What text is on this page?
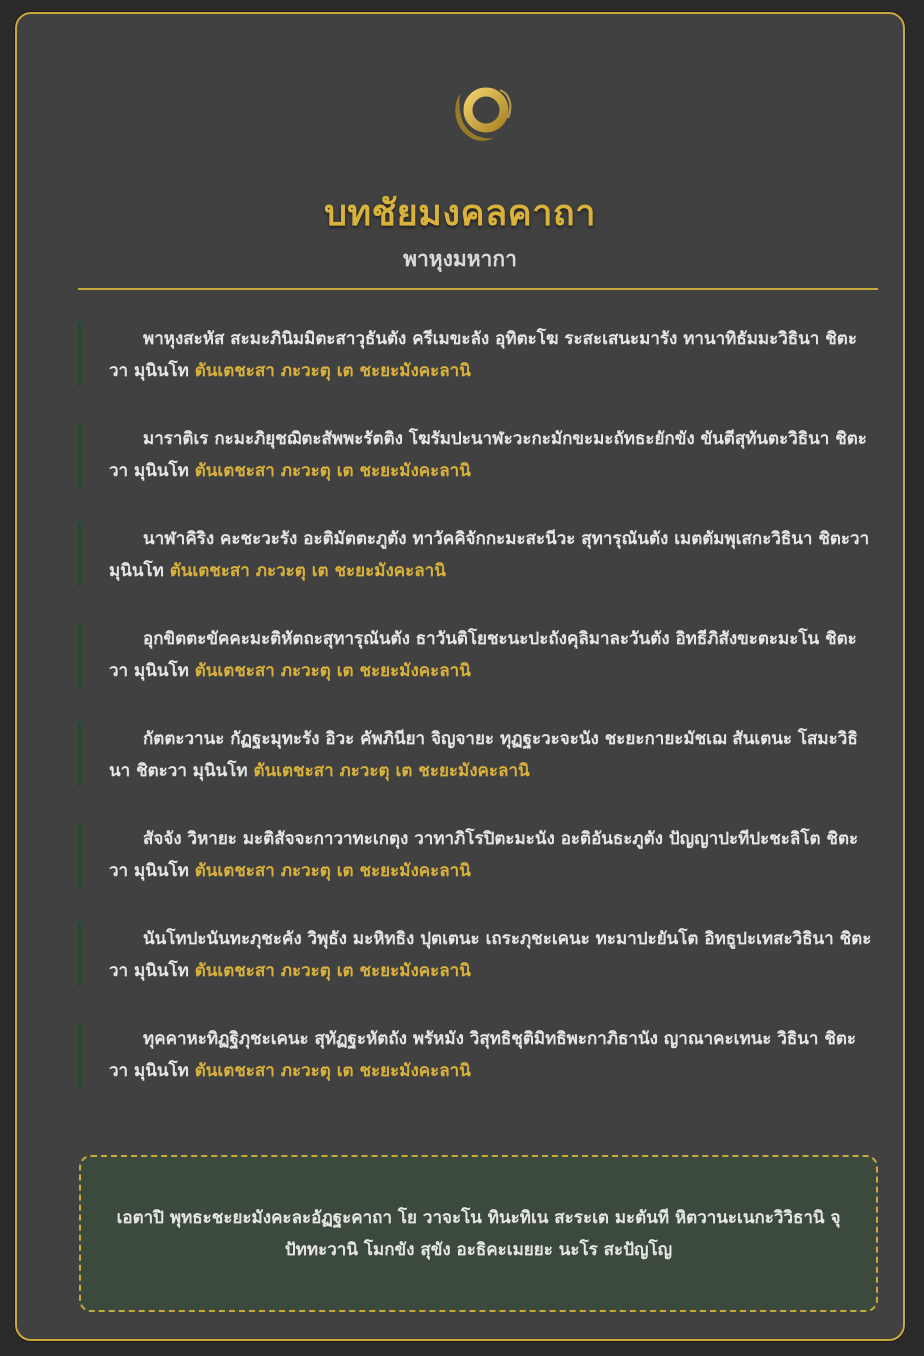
บทชัยมงคลคาถา
พาหุงมหากา

พาหุงสะหัส สะมะภินิมมิตะสาวุธันตัง ครีเมขะลัง อุทิตะโฆ ระสะเสนะมารัง ทานาทิธัมมะวิธินา ชิตะวา มุนินโท ตันเตชะสา ภะวะตุ เต ชะยะมังคะลานิ

มาราติเร กะมะภิยุชฌิตะสัพพะรัตติง โฆรัมปะนาฬะวะกะมักขะมะถัทธะยักขัง ขันตีสุทันตะวิธินา ชิตะวา มุนินโท ตันเตชะสา ภะวะตุ เต ชะยะมังคะลานิ

นาฬาคิริง คะชะวะรัง อะติมัตตะภูตัง ทาวัคคิจักกะมะสะนีวะ สุทารุณันตัง เมตตัมพุเสกะวิธินา ชิตะวา มุนินโท ตันเตชะสา ภะวะตุ เต ชะยะมังคะลานิ

อุกขิตตะขัคคะมะติหัตถะสุทารุณันตัง ธาวันติโยชะนะปะถังคุลิมาละวันตัง อิทธีภิสังขะตะมะโน ชิตะวา มุนินโท ตันเตชะสา ภะวะตุ เต ชะยะมังคะลานิ

กัตตะวานะ กัฏฐะมุทะรัง อิวะ คัพภินียา จิญจายะ ทุฏฐะวะจะนัง ชะยะกายะมัชเฌ สันเตนะ โสมะวิธินา ชิตะวา มุนินโท ตันเตชะสา ภะวะตุ เต ชะยะมังคะลานิ

สัจจัง วิหายะ มะติสัจจะกาวาทะเกตุง วาทาภิโรปิตะมะนัง อะติอันธะภูตัง ปัญญาปะทีปะชะลิโต ชิตะวา มุนินโท ตันเตชะสา ภะวะตุ เต ชะยะมังคะลานิ

นันโทปะนันทะภุชะคัง วิพุธัง มะหิทธิง ปุตเตนะ เถระภุชะเคนะ ทะมาปะยันโต อิทธูปะเทสะวิธินา ชิตะวา มุนินโท ตันเตชะสา ภะวะตุ เต ชะยะมังคะลานิ

ทุคคาหะทิฏฐิภุชะเคนะ สุทัฏฐะหัตถัง พรัหมัง วิสุทธิชุติมิทธิพะกาภิธานัง ญาณาคะเทนะ วิธินา ชิตะวา มุนินโท ตันเตชะสา ภะวะตุ เต ชะยะมังคะลานิ

เอตาปิ พุทธะชะยะมังคะละอัฏฐะคาถา โย วาจะโน ทินะทิเน สะระเต มะตันที หิตวานะเนกะวิวิธานิ จุปัททะวานิ โมกขัง สุขัง อะธิคะเมยยะ นะโร สะปัญโญ
